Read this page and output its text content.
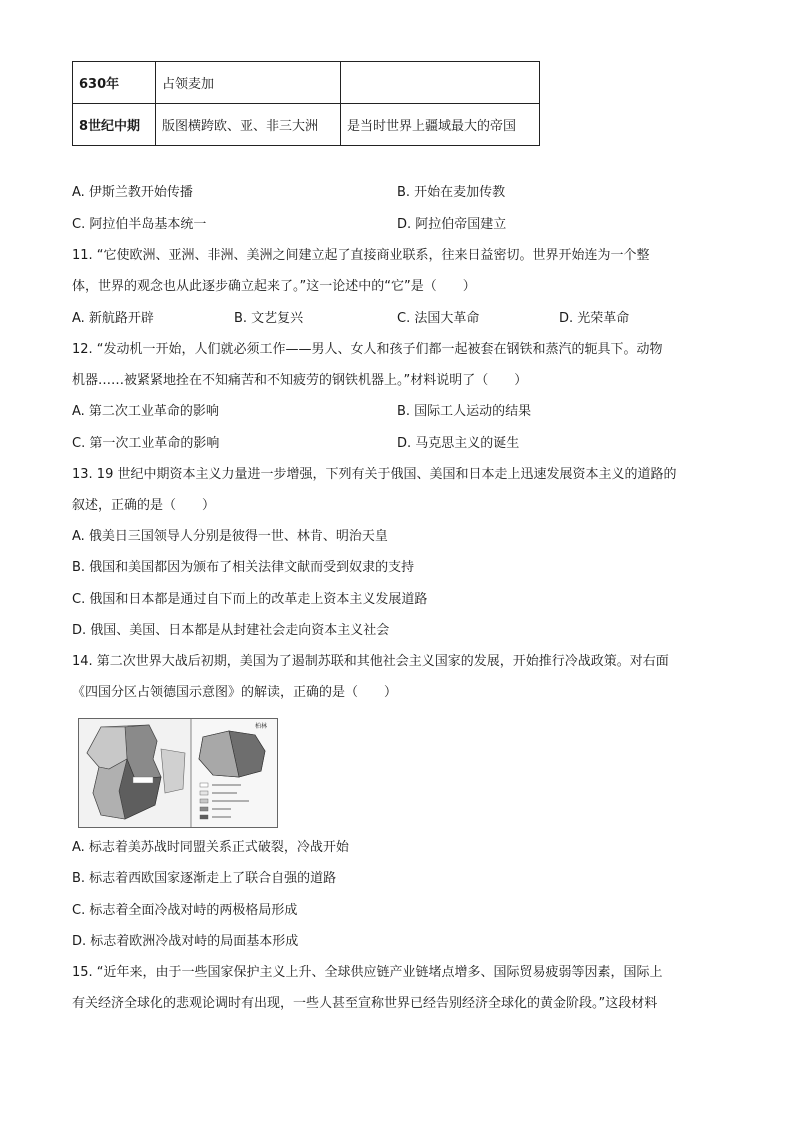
630年	占领麦加	
8世纪中期	版图横跨欧、亚、非三大洲	是当时世界上疆域最大的帝国
A. 伊斯兰教开始传播	B. 开始在麦加传教
C. 阿拉伯半岛基本统一	D. 阿拉伯帝国建立
11. “它使欧洲、亚洲、非洲、美洲之间建立起了直接商业联系，往来日益密切。世界开始连为一个整
体，世界的观念也从此逐步确立起来了。”这一论述中的“它”是（　　）
A. 新航路开辟	B. 文艺复兴	C. 法国大革命	D. 光荣革命
12. “发动机一开始，人们就必须工作——男人、女人和孩子们都一起被套在钢铁和蒸汽的轭具下。动物
机器……被紧紧地拴在不知痛苦和不知疲劳的钢铁机器上。”材料说明了（　　）
A. 第二次工业革命的影响	B. 国际工人运动的结果
C. 第一次工业革命的影响	D. 马克思主义的诞生
13. 19 世纪中期资本主义力量进一步增强，下列有关于俄国、美国和日本走上迅速发展资本主义的道路的
叙述，正确的是（　　）
A. 俄美日三国领导人分别是彼得一世、林肯、明治天皇
B. 俄国和美国都因为颁布了相关法律文献而受到奴隶的支持
C. 俄国和日本都是通过自下而上的改革走上资本主义发展道路
D. 俄国、美国、日本都是从封建社会走向资本主义社会
14. 第二次世界大战后初期，美国为了遏制苏联和其他社会主义国家的发展，开始推行冷战政策。对右面
《四国分区占领德国示意图》的解读，正确的是（　　）
柏林
A. 标志着美苏战时同盟关系正式破裂，冷战开始
B. 标志着西欧国家逐渐走上了联合自强的道路
C. 标志着全面冷战对峙的两极格局形成
D. 标志着欧洲冷战对峙的局面基本形成
15. “近年来，由于一些国家保护主义上升、全球供应链产业链堵点增多、国际贸易疲弱等因素，国际上
有关经济全球化的悲观论调时有出现，一些人甚至宣称世界已经告别经济全球化的黄金阶段。”这段材料
